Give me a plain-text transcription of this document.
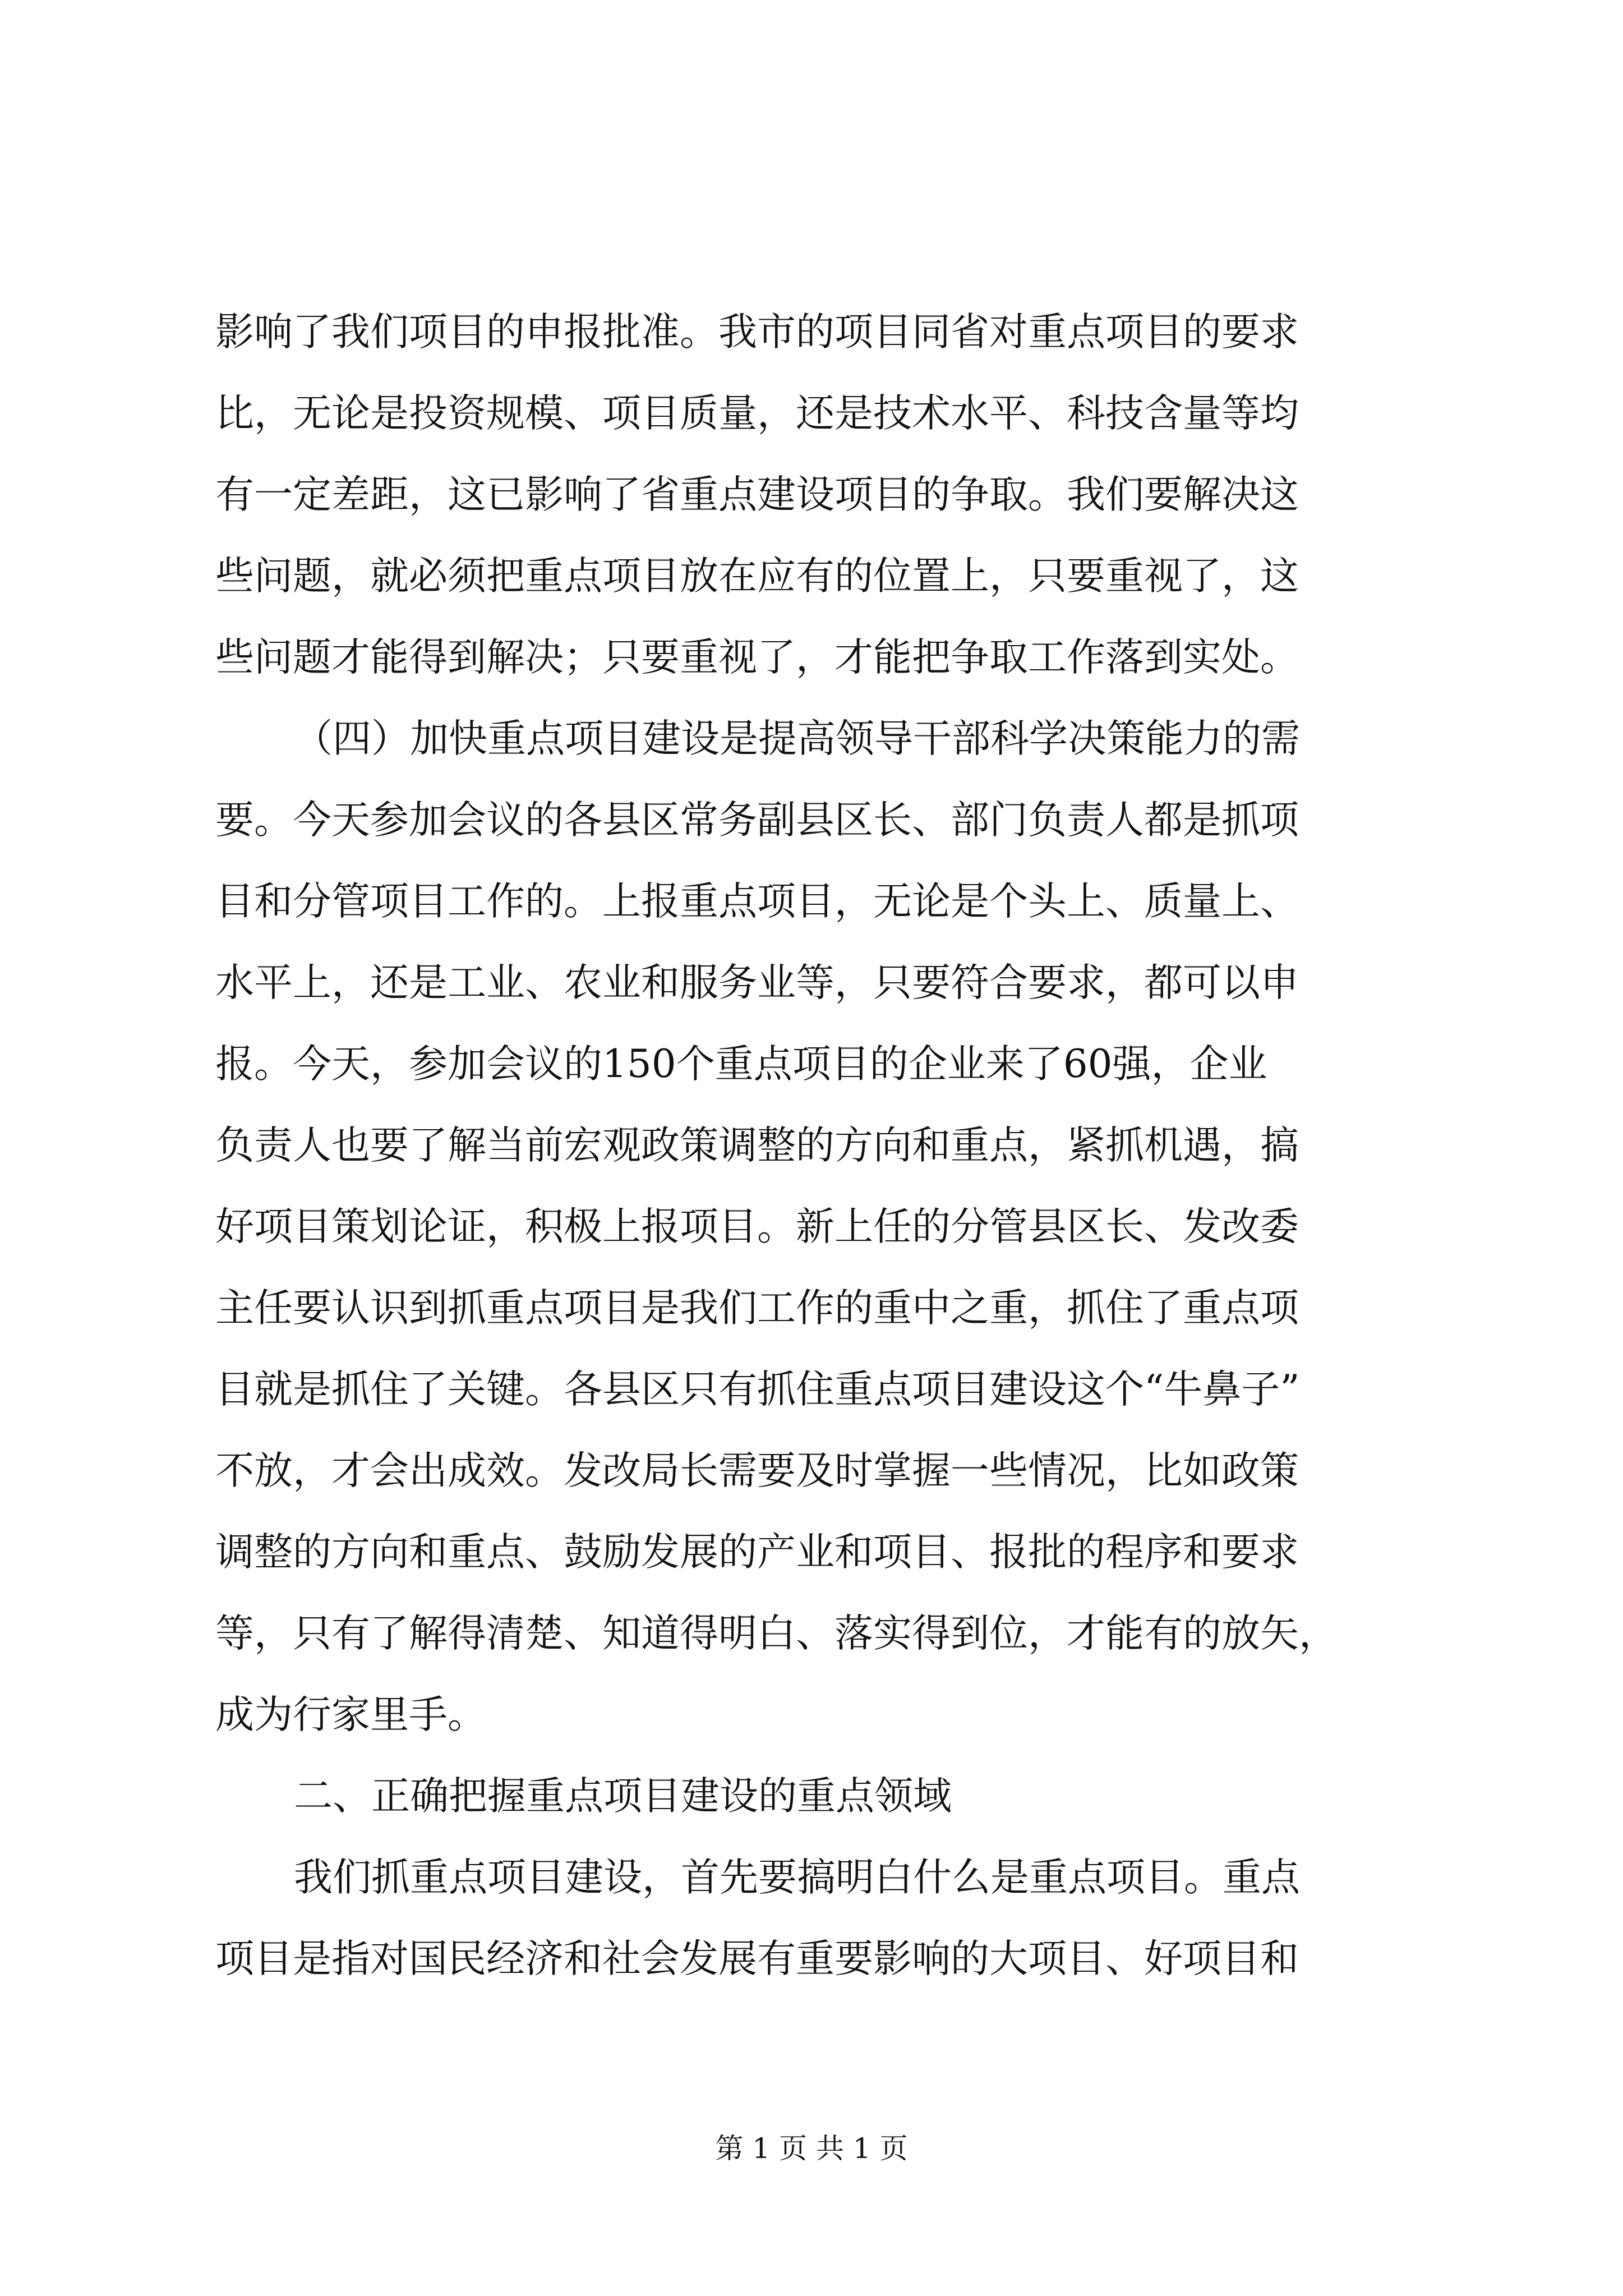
影响了我们项目的申报批准。我市的项目同省对重点项目的要求
比，无论是投资规模、项目质量，还是技术水平、科技含量等均
有一定差距，这已影响了省重点建设项目的争取。我们要解决这
些问题，就必须把重点项目放在应有的位置上，只要重视了，这
些问题才能得到解决；只要重视了，才能把争取工作落到实处。
（四）加快重点项目建设是提高领导干部科学决策能力的需
要。今天参加会议的各县区常务副县区长、部门负责人都是抓项
目和分管项目工作的。上报重点项目，无论是个头上、质量上、
水平上，还是工业、农业和服务业等，只要符合要求，都可以申
报。今天，参加会议的150个重点项目的企业来了60强，企业
负责人也要了解当前宏观政策调整的方向和重点，紧抓机遇，搞
好项目策划论证，积极上报项目。新上任的分管县区长、发改委
主任要认识到抓重点项目是我们工作的重中之重，抓住了重点项
目就是抓住了关键。各县区只有抓住重点项目建设这个“牛鼻子”
不放，才会出成效。发改局长需要及时掌握一些情况，比如政策
调整的方向和重点、鼓励发展的产业和项目、报批的程序和要求
等，只有了解得清楚、知道得明白、落实得到位，才能有的放矢，
成为行家里手。
二、正确把握重点项目建设的重点领域
我们抓重点项目建设，首先要搞明白什么是重点项目。重点
项目是指对国民经济和社会发展有重要影响的大项目、好项目和
第 1 页 共 1 页
